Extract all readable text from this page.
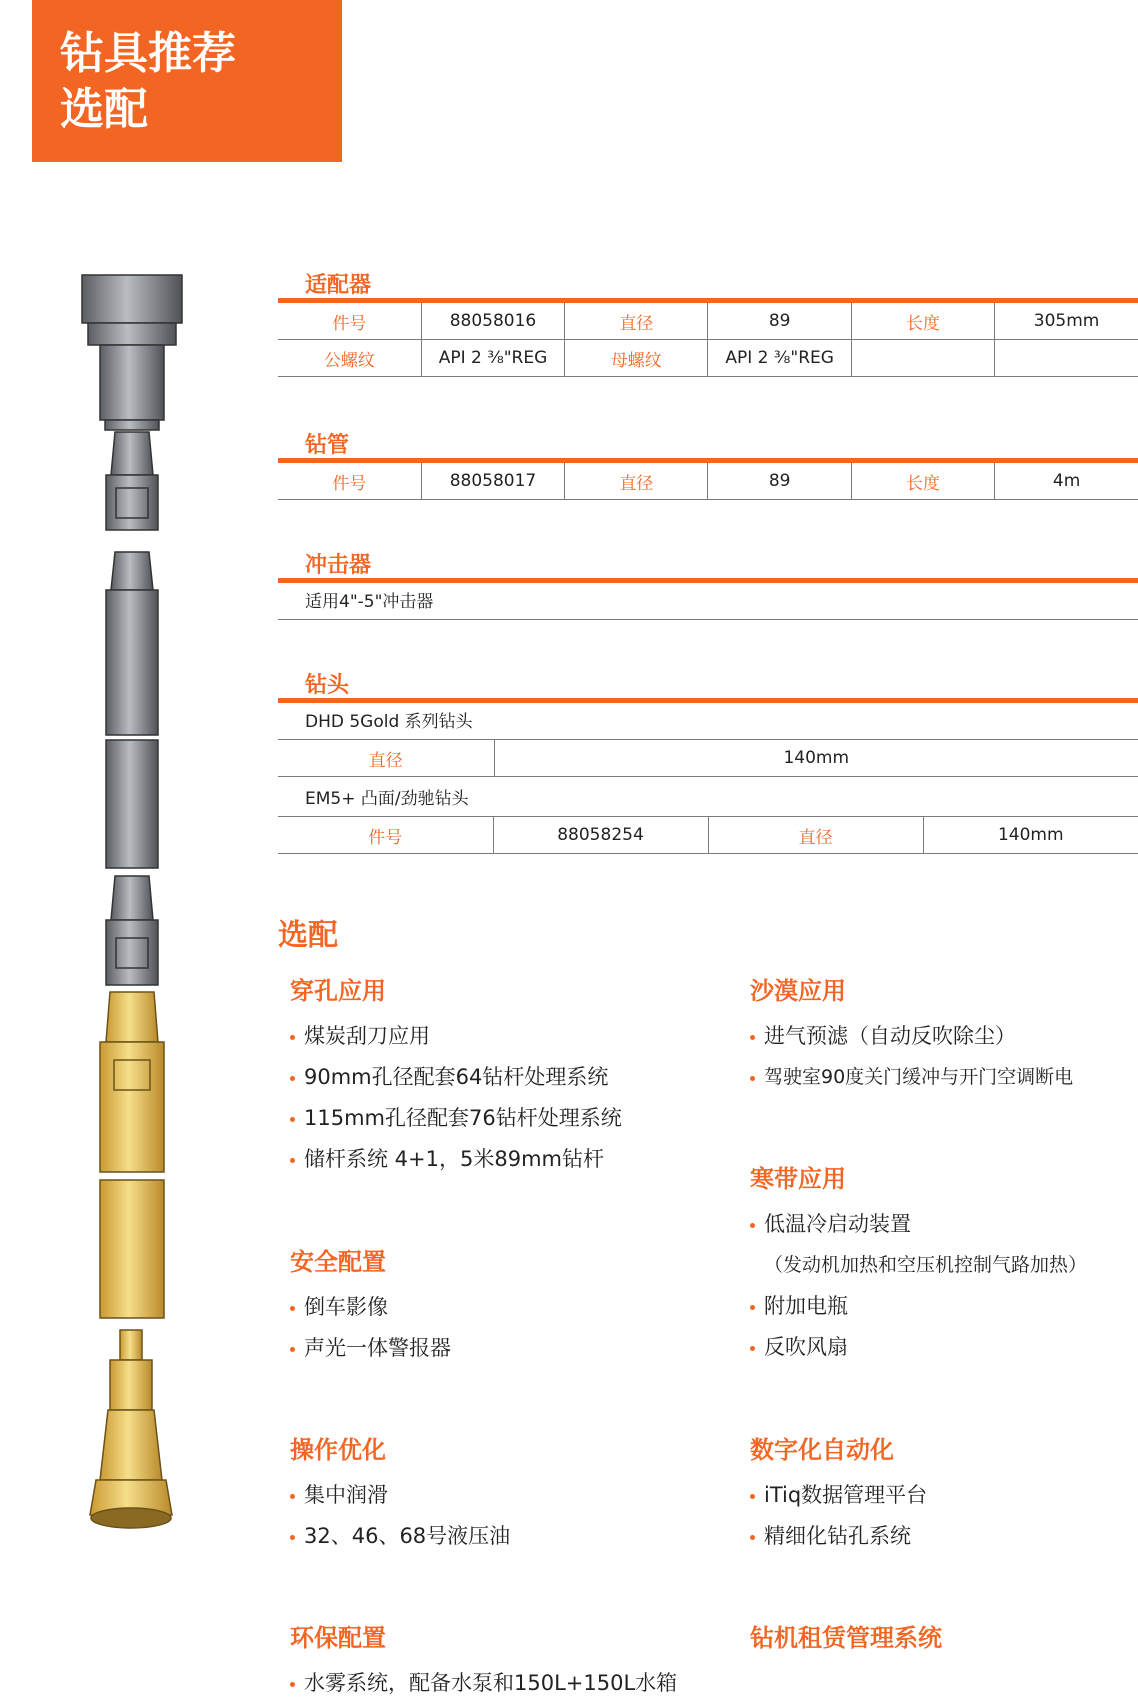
钻具推荐
选配
适配器
件号	88058016	直径	89	长度	305mm
公螺纹	API 2 ⅜"REG	母螺纹	API 2 ⅜"REG		
钻管
件号	88058017	直径	89	长度	4m
冲击器
适用4"-5"冲击器
钻头
DHD 5Gold 系列钻头
直径	140mm
EM5+ 凸面/劲驰钻头
件号	88058254	直径	140mm
选配
穿孔应用
煤炭刮刀应用
90mm孔径配套64钻杆处理系统
115mm孔径配套76钻杆处理系统
储杆系统 4+1，5米89mm钻杆
安全配置
倒车影像
声光一体警报器
操作优化
集中润滑
32、46、68号液压油
环保配置
水雾系统，配备水泵和150L+150L水箱
沙漠应用
进气预滤（自动反吹除尘）
驾驶室90度关门缓冲与开门空调断电
寒带应用
低温冷启动装置
（发动机加热和空压机控制气路加热）
附加电瓶
反吹风扇
数字化自动化
iTiq数据管理平台
精细化钻孔系统
钻机租赁管理系统
